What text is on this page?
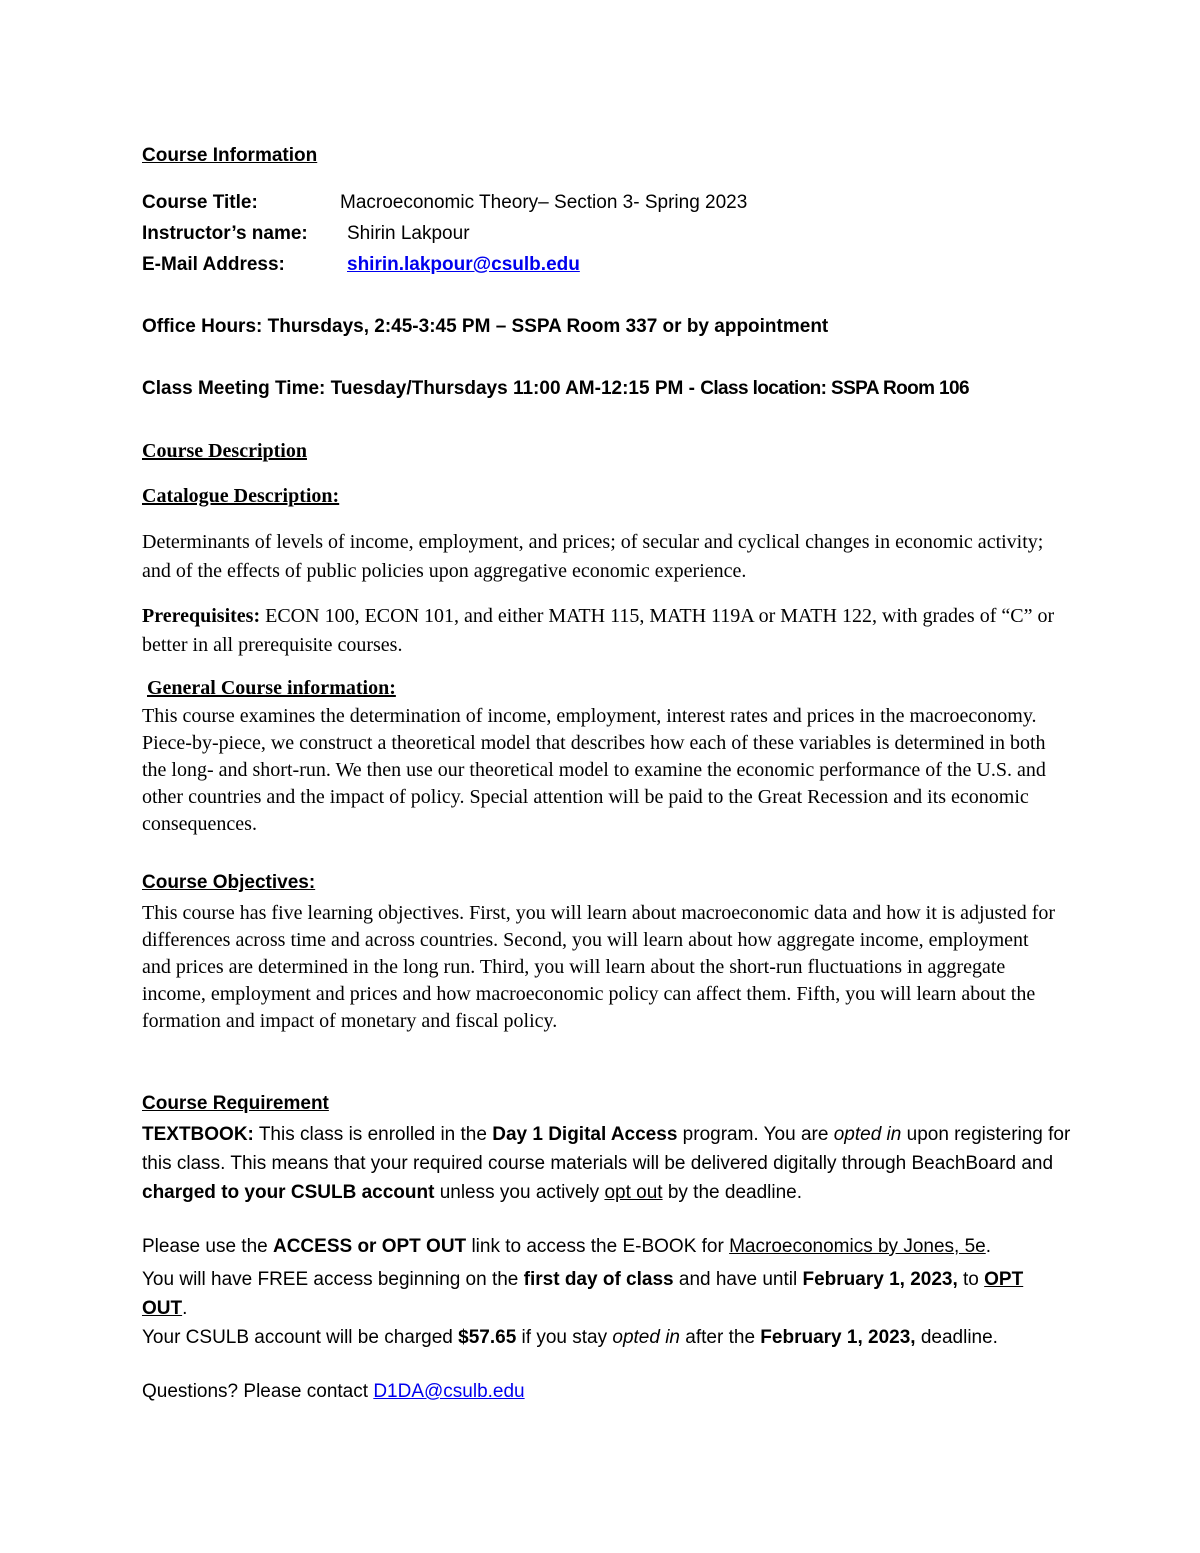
Course Information
Course Title:	Macroeconomic Theory– Section 3- Spring 2023
Instructor’s name: Shirin Lakpour
E-Mail Address:	shirin.lakpour@csulb.edu
Office Hours: Thursdays, 2:45-3:45 PM – SSPA Room 337 or by appointment
Class Meeting Time: Tuesday/Thursdays 11:00 AM-12:15 PM - Class location: SSPA Room 106
Course Description
Catalogue Description:
Determinants of levels of income, employment, and prices; of secular and cyclical changes in economic activity; and of the effects of public policies upon aggregative economic experience.
Prerequisites: ECON 100, ECON 101, and either MATH 115, MATH 119A or MATH 122, with grades of “C” or better in all prerequisite courses.
General Course information:
This course examines the determination of income, employment, interest rates and prices in the macroeconomy. Piece-by-piece, we construct a theoretical model that describes how each of these variables is determined in both the long- and short-run. We then use our theoretical model to examine the economic performance of the U.S. and other countries and the impact of policy. Special attention will be paid to the Great Recession and its economic consequences.
Course Objectives:
This course has five learning objectives. First, you will learn about macroeconomic data and how it is adjusted for differences across time and across countries. Second, you will learn about how aggregate income, employment and prices are determined in the long run. Third, you will learn about the short-run fluctuations in aggregate income, employment and prices and how macroeconomic policy can affect them. Fifth, you will learn about the formation and impact of monetary and fiscal policy.
Course Requirement
TEXTBOOK: This class is enrolled in the Day 1 Digital Access program. You are opted in upon registering for this class. This means that your required course materials will be delivered digitally through BeachBoard and charged to your CSULB account unless you actively opt out by the deadline.
Please use the ACCESS or OPT OUT link to access the E-BOOK for Macroeconomics by Jones, 5e.
You will have FREE access beginning on the first day of class and have until February 1, 2023, to OPT OUT.
Your CSULB account will be charged $57.65 if you stay opted in after the February 1, 2023, deadline.
Questions? Please contact D1DA@csulb.edu
